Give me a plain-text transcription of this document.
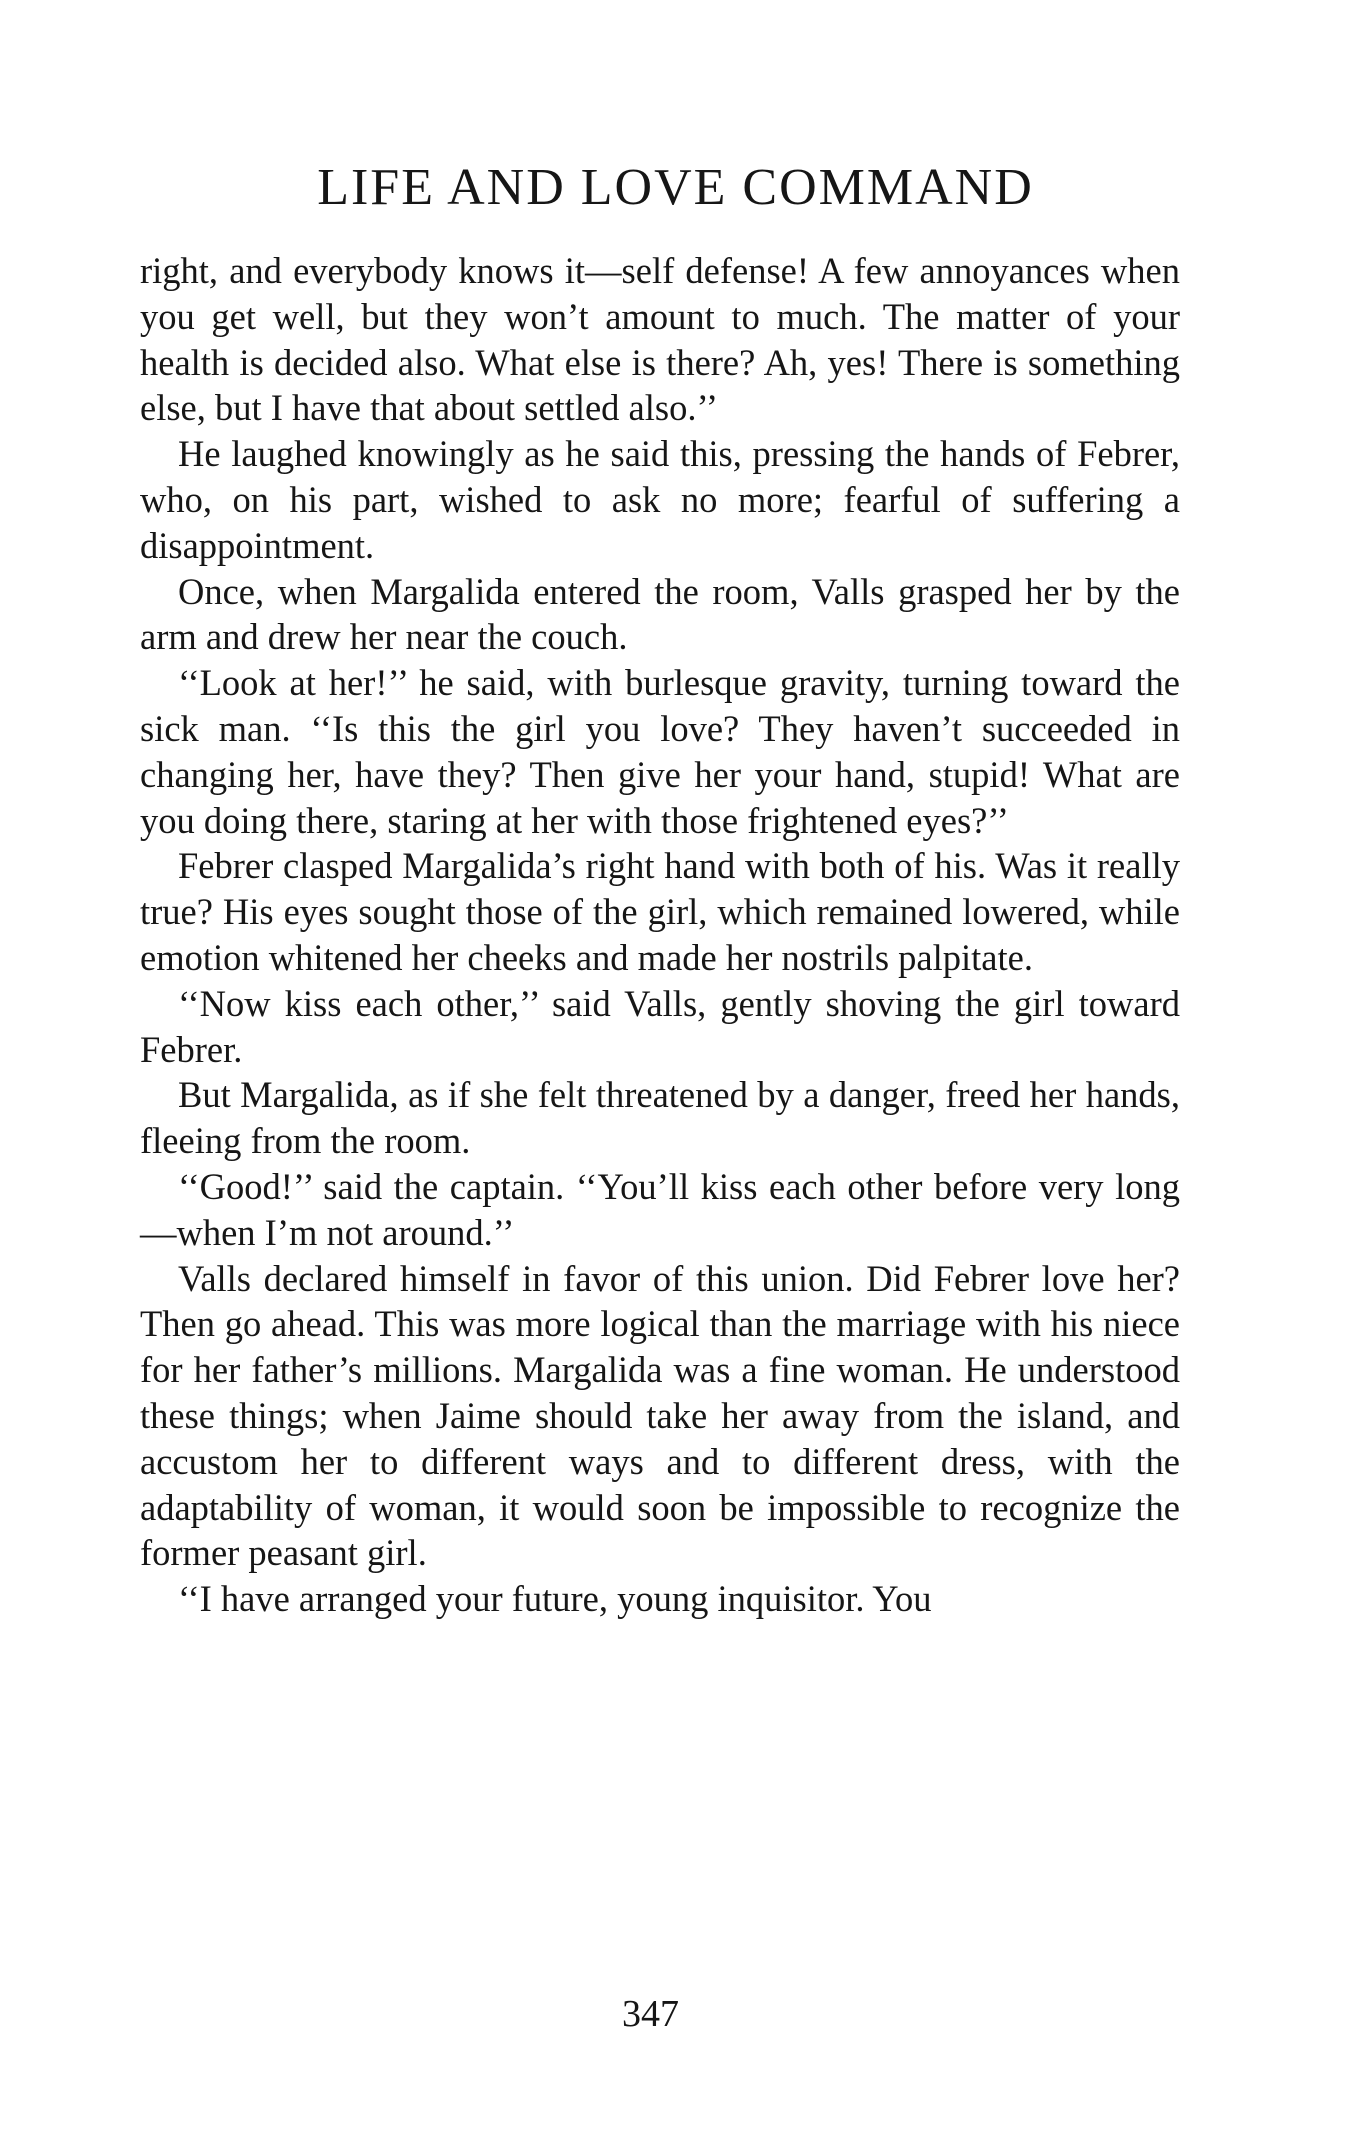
LIFE AND LOVE COMMAND

right, and everybody knows it—self defense! A few annoyances when you get well, but they won’t amount to much. The matter of your health is decided also. What else is there? Ah, yes! There is something else, but I have that about settled also.’’

He laughed knowingly as he said this, pressing the hands of Febrer, who, on his part, wished to ask no more; fearful of suffering a disappointment.

Once, when Margalida entered the room, Valls grasped her by the arm and drew her near the couch.

‘‘Look at her!’’ he said, with burlesque gravity, turning toward the sick man. ‘‘Is this the girl you love? They haven’t succeeded in changing her, have they? Then give her your hand, stupid! What are you doing there, staring at her with those frightened eyes?’’

Febrer clasped Margalida’s right hand with both of his. Was it really true? His eyes sought those of the girl, which remained lowered, while emotion whitened her cheeks and made her nostrils palpitate.

‘‘Now kiss each other,’’ said Valls, gently shoving the girl toward Febrer.

But Margalida, as if she felt threatened by a danger, freed her hands, fleeing from the room.

‘‘Good!’’ said the captain. ‘‘You’ll kiss each other before very long—when I’m not around.’’

Valls declared himself in favor of this union. Did Febrer love her? Then go ahead. This was more logical than the marriage with his niece for her father’s millions. Margalida was a fine woman. He understood these things; when Jaime should take her away from the island, and accustom her to different ways and to different dress, with the adaptability of woman, it would soon be impossible to recognize the former peasant girl.

‘‘I have arranged your future, young inquisitor. You

347
